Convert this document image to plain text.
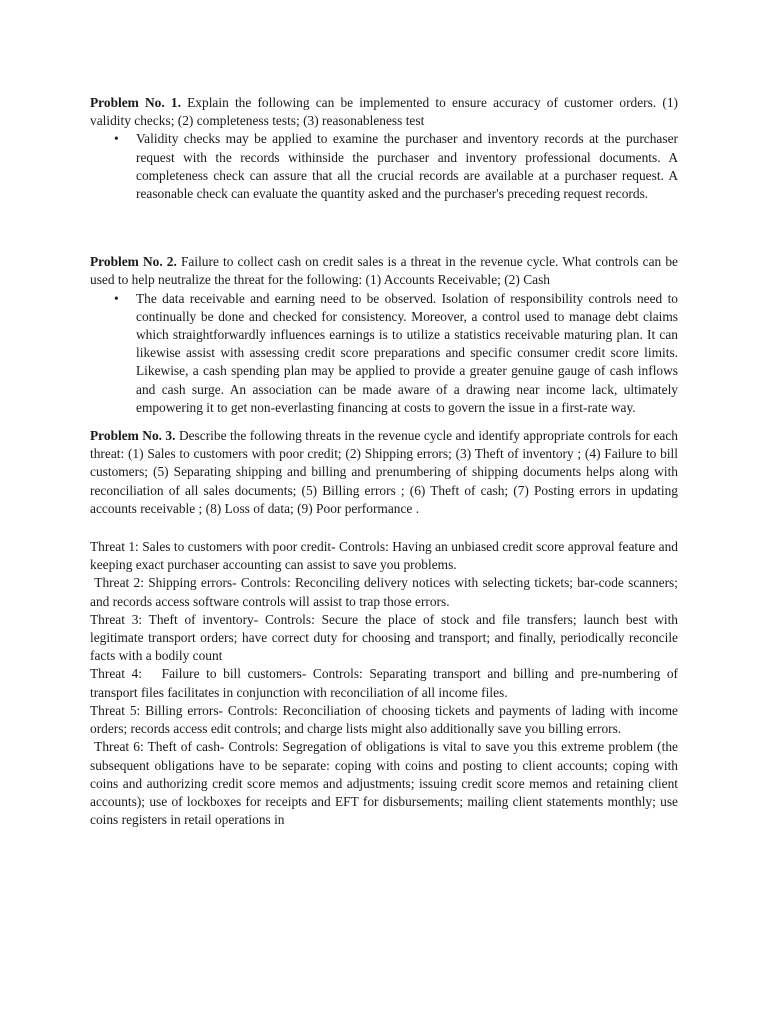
Problem No. 1. Explain the following can be implemented to ensure accuracy of customer orders. (1) validity checks; (2) completeness tests; (3) reasonableness test

• Validity checks may be applied to examine the purchaser and inventory records at the purchaser request with the records withinside the purchaser and inventory professional documents. A completeness check can assure that all the crucial records are available at a purchaser request. A reasonable check can evaluate the quantity asked and the purchaser's preceding request records.

Problem No. 2. Failure to collect cash on credit sales is a threat in the revenue cycle. What controls can be used to help neutralize the threat for the following: (1) Accounts Receivable; (2) Cash

• The data receivable and earning need to be observed. Isolation of responsibility controls need to continually be done and checked for consistency. Moreover, a control used to manage debt claims which straightforwardly influences earnings is to utilize a statistics receivable maturing plan. It can likewise assist with assessing credit score preparations and specific consumer credit score limits. Likewise, a cash spending plan may be applied to provide a greater genuine gauge of cash inflows and cash surge. An association can be made aware of a drawing near income lack, ultimately empowering it to get non-everlasting financing at costs to govern the issue in a first-rate way.

Problem No. 3. Describe the following threats in the revenue cycle and identify appropriate controls for each threat: (1) Sales to customers with poor credit; (2) Shipping errors; (3) Theft of inventory ; (4) Failure to bill customers; (5) Separating shipping and billing and prenumbering of shipping documents helps along with reconciliation of all sales documents; (5) Billing errors ; (6) Theft of cash; (7) Posting errors in updating accounts receivable ; (8) Loss of data; (9) Poor performance .

Threat 1: Sales to customers with poor credit- Controls: Having an unbiased credit score approval feature and keeping exact purchaser accounting can assist to save you problems.

Threat 2: Shipping errors- Controls: Reconciling delivery notices with selecting tickets; bar-code scanners; and records access software controls will assist to trap those errors.

Threat 3: Theft of inventory- Controls: Secure the place of stock and file transfers; launch best with legitimate transport orders; have correct duty for choosing and transport; and finally, periodically reconcile facts with a bodily count

Threat 4:   Failure to bill customers- Controls: Separating transport and billing and pre-numbering of transport files facilitates in conjunction with reconciliation of all income files.

Threat 5: Billing errors- Controls: Reconciliation of choosing tickets and payments of lading with income orders; records access edit controls; and charge lists might also additionally save you billing errors.

Threat 6: Theft of cash- Controls: Segregation of obligations is vital to save you this extreme problem (the subsequent obligations have to be separate: coping with coins and posting to client accounts; coping with coins and authorizing credit score memos and adjustments; issuing credit score memos and retaining client accounts); use of lockboxes for receipts and EFT for disbursements; mailing client statements monthly; use coins registers in retail operations in
